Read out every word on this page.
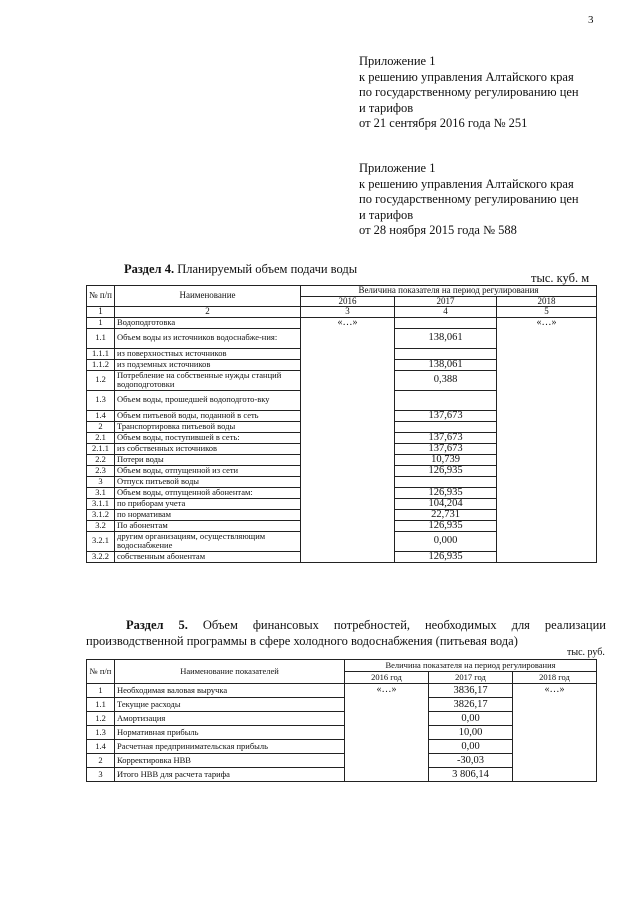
3
Приложение 1
к решению управления Алтайского края
по государственному регулированию цен
и тарифов
от 21 сентября 2016 года № 251
Приложение 1
к решению управления Алтайского края
по государственному регулированию цен
и тарифов
от 28 ноября 2015 года № 588
Раздел 4. Планируемый объем подачи воды
тыс. куб. м
№ п/п	Наименование	Величина показателя на период регулирования		
		2016	2017	2018
1	2	3	4	5
1	Водоподготовка	«…»		«…»
1.1	Объем воды из источников водоснабже-ния:		138,061	
1.1.1	из поверхностных источников			
1.1.2	из подземных источников		138,061	
1.2	Потребление на собственные нужды станций водоподготовки		0,388	
1.3	Объем воды, прошедшей водоподгото-вку			
1.4	Объем питьевой воды, поданной в сеть		137,673	
2	Транспортировка питьевой воды			
2.1	Объем воды, поступившей в сеть:		137,673	
2.1.1	из собственных источников		137,673	
2.2	Потери воды		10,739	
2.3	Объем воды, отпущенной из сети		126,935	
3	Отпуск питьевой воды			
3.1	Объем воды, отпущенной абонентам:		126,935	
3.1.1	по приборам учета		104,204	
3.1.2	по нормативам		22,731	
3.2	По абонентам		126,935	
3.2.1	другим организациям, осуществляющим водоснабжение		0,000	
3.2.2	собственным абонентам		126,935	
Раздел 5. Объем финансовых потребностей, необходимых для реализации производственной программы в сфере холодного водоснабжения (питьевая вода)
тыс. руб.
№ п/п	Наименование показателей	Величина показателя на период регулирования		
		2016 год	2017 год	2018 год
1	Необходимая валовая выручка	«…»	3836,17	«…»
1.1	Текущие расходы		3826,17	
1.2	Амортизация		0,00	
1.3	Нормативная прибыль		10,00	
1.4	Расчетная предпринимательская прибыль		0,00	
2	Корректировка НВВ		-30,03	
3	Итого НВВ для расчета тарифа		3 806,14	
